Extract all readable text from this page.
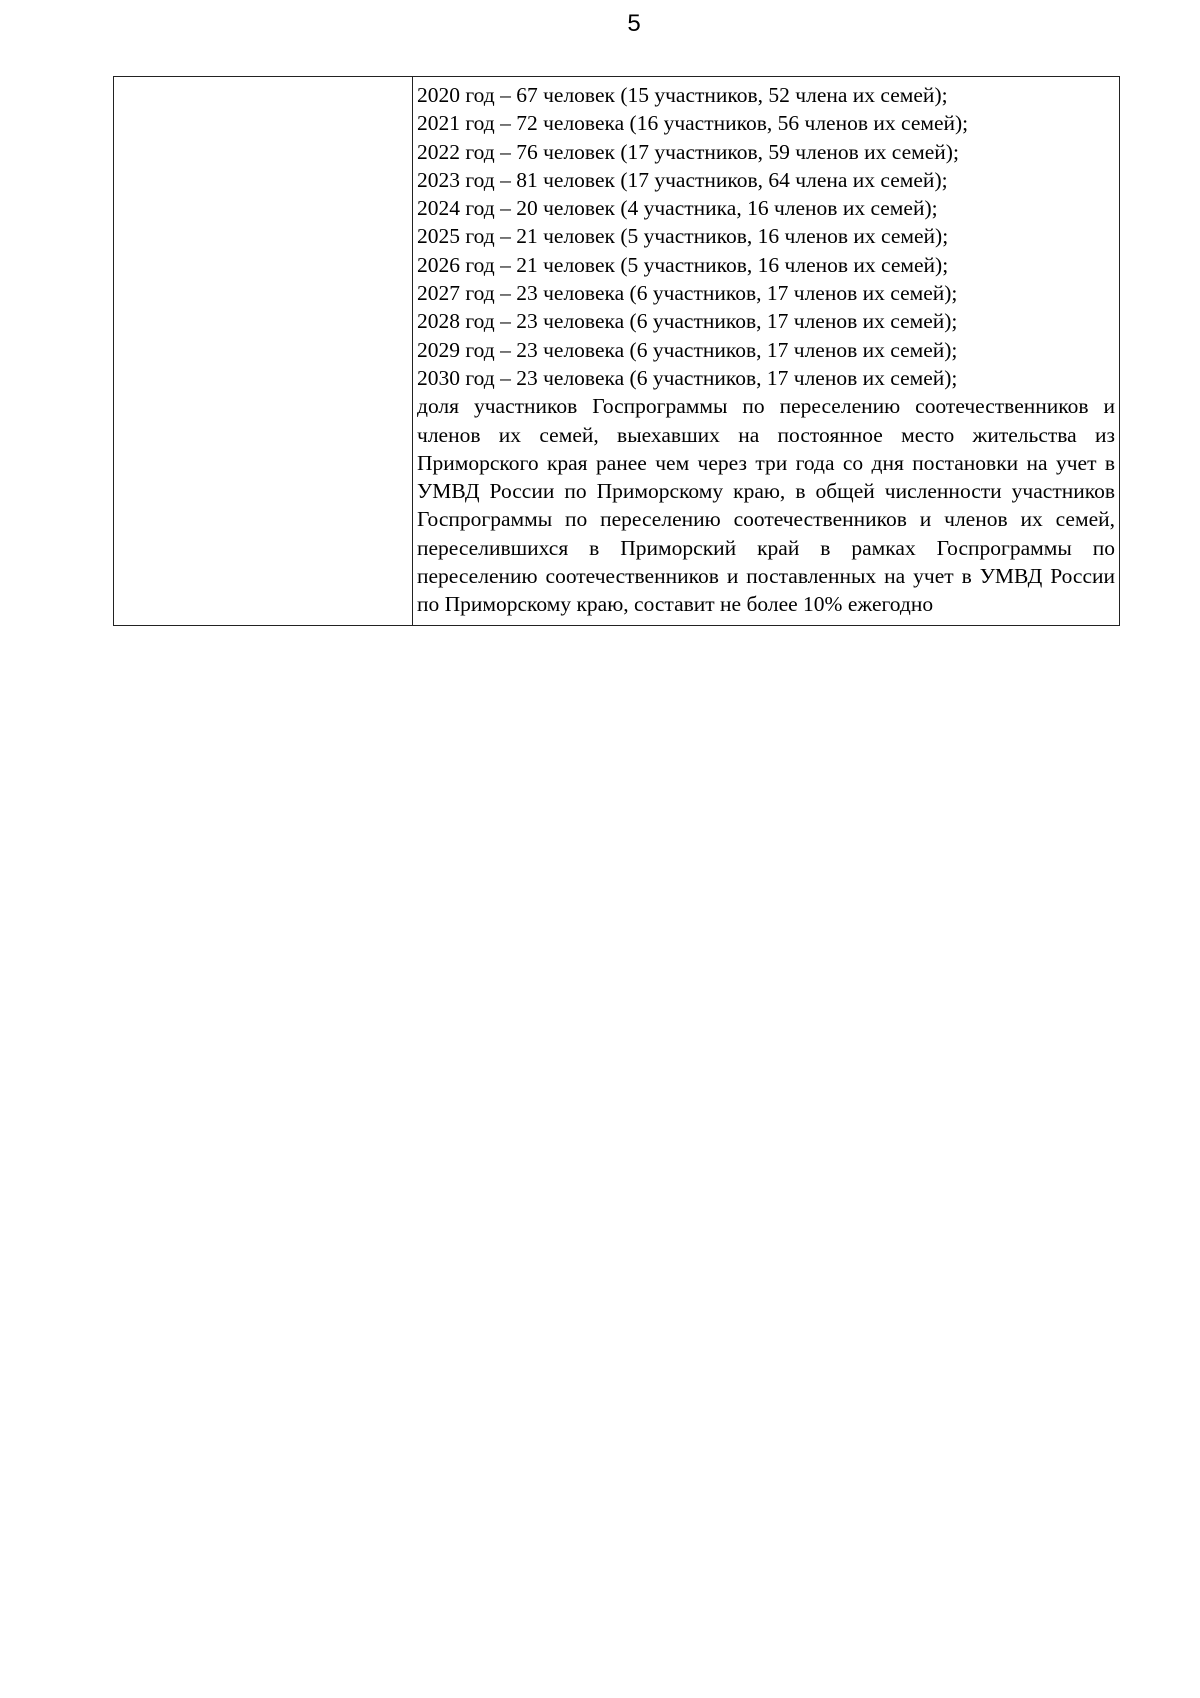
5

2020 год – 67 человек (15 участников, 52 члена их семей);
2021 год – 72 человека (16 участников, 56 членов их семей);
2022 год – 76 человек (17 участников, 59 членов их семей);
2023 год – 81 человек (17 участников, 64 члена их семей);
2024 год – 20 человек (4 участника, 16 членов их семей);
2025 год – 21 человек (5 участников, 16 членов их семей);
2026 год – 21 человек (5 участников, 16 членов их семей);
2027 год – 23 человека (6 участников, 17 членов их семей);
2028 год – 23 человека (6 участников, 17 членов их семей);
2029 год – 23 человека (6 участников, 17 членов их семей);
2030 год – 23 человека (6 участников, 17 членов их семей);

доля участников Госпрограммы по переселению соотечественников и членов их семей, выехавших на постоянное место жительства из Приморского края ранее чем через три года со дня постановки на учет в УМВД России по Приморскому краю, в общей численности участников Госпрограммы по переселению соотечественников и членов их семей, переселившихся в Приморский край в рамках Госпрограммы по переселению соотечественников и поставленных на учет в УМВД России по Приморскому краю, составит не более 10% ежегодно
